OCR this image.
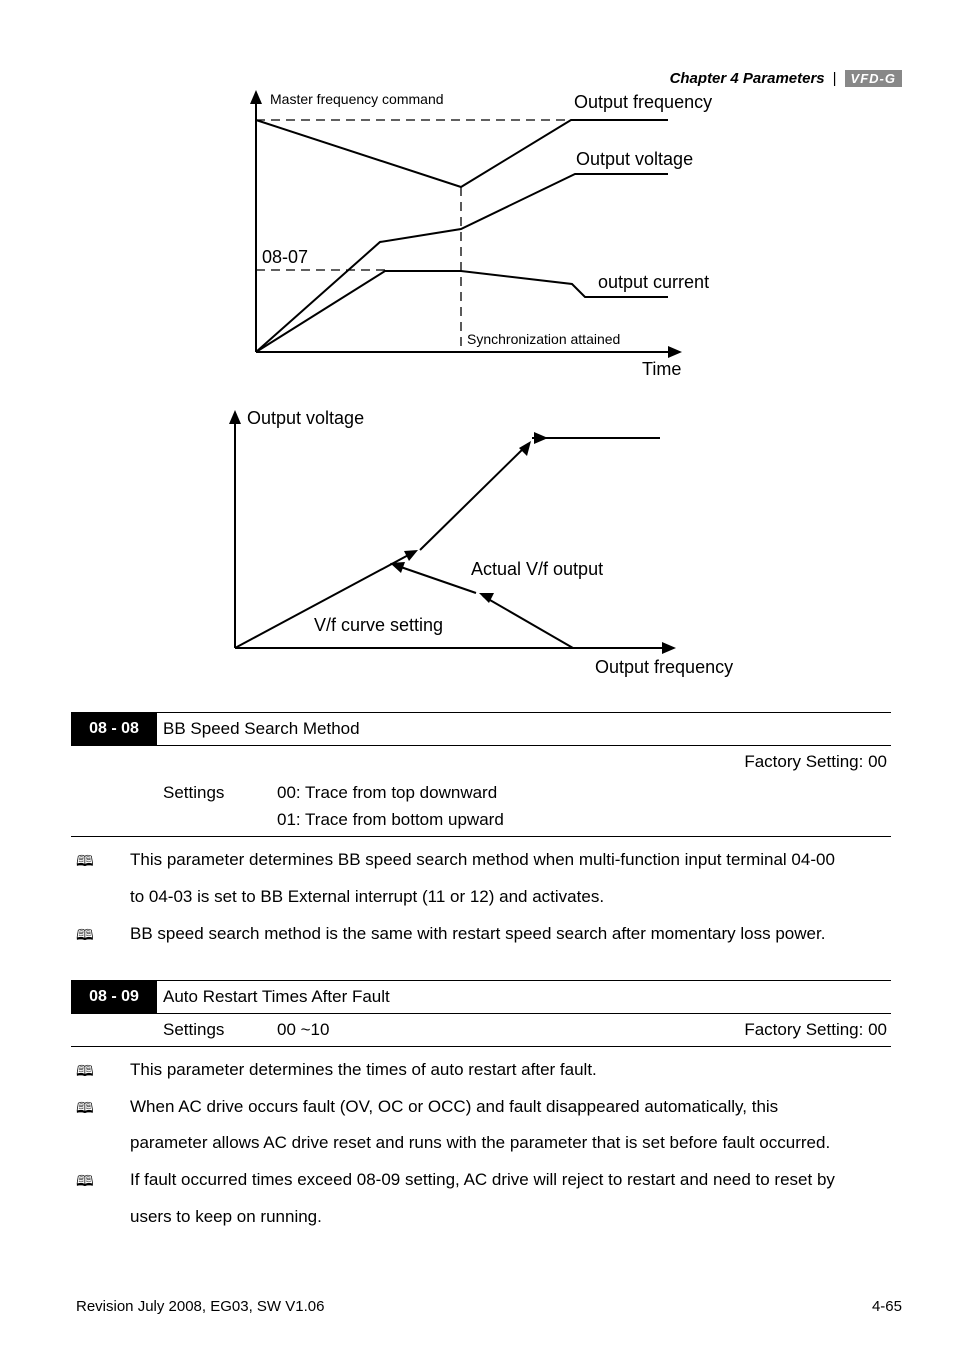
Chapter 4 Parameters |	VFD-G
Master frequency command	Output frequency
Output voltage
08-07
output current
Synchronization attained
Time
Output voltage
Actual V/f output
V/f curve setting
Output frequency
08 - 08	BB Speed Search Method
Factory Setting: 00
Settings	00: Trace from top downward
01: Trace from bottom upward
🕮 This parameter determines BB speed search method when multi-function input terminal 04-00
to 04-03 is set to BB External interrupt (11 or 12) and activates.
🕮 BB speed search method is the same with restart speed search after momentary loss power.
08 - 09	Auto Restart Times After Fault
Settings	00 ~10	Factory Setting: 00
🕮 This parameter determines the times of auto restart after fault.
🕮 When AC drive occurs fault (OV, OC or OCC) and fault disappeared automatically, this
parameter allows AC drive reset and runs with the parameter that is set before fault occurred.
🕮 If fault occurred times exceed 08-09 setting, AC drive will reject to restart and need to reset by
users to keep on running.
Revision July 2008, EG03, SW V1.06	4-65
